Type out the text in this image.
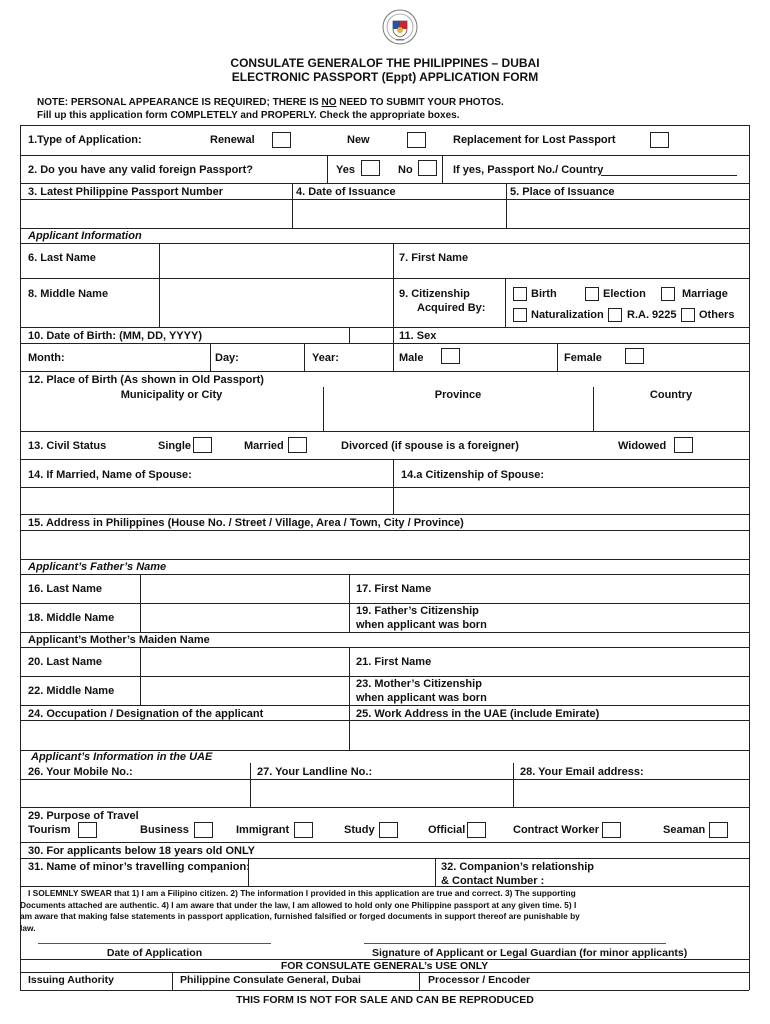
CONSULATE GENERALOF THE PHILIPPINES – DUBAI
ELECTRONIC PASSPORT (Eppt) APPLICATION FORM
NOTE: PERSONAL APPEARANCE IS REQUIRED; THERE IS NO NEED TO SUBMIT YOUR PHOTOS.
Fill up this application form COMPLETELY and PROPERLY. Check the appropriate boxes.
1.Type of Application:	Renewal	New	Replacement for Lost Passport
2. Do you have any valid foreign Passport?	Yes	No	If yes, Passport No./ Country
3. Latest Philippine Passport Number	4. Date of Issuance	5. Place of Issuance
Applicant Information
6. Last Name	7. First Name
8. Middle Name	9. Citizenship
Acquired By:
Birth	Election	Marriage
Naturalization R.A. 9225 Others
10. Date of Birth: (MM, DD, YYYY)	11. Sex
Month:	Day:	Year:	Male	Female
12. Place of Birth (As shown in Old Passport)
Municipality or City	Province	Country
13. Civil Status	Single	Married	Divorced (if spouse is a foreigner)	Widowed
14. If Married, Name of Spouse:	14.a Citizenship of Spouse:
15. Address in Philippines (House No. / Street / Village, Area / Town, City / Province)
Applicant’s Father’s Name
16. Last Name	17. First Name
18. Middle Name
19. Father’s Citizenship
when applicant was born
Applicant’s Mother’s Maiden Name
20. Last Name	21. First Name
22. Middle Name
23. Mother’s Citizenship
when applicant was born
24. Occupation / Designation of the applicant	25. Work Address in the UAE (include Emirate)
Applicant’s Information in the UAE
26. Your Mobile No.:	27. Your Landline No.:	28. Your Email address:
29. Purpose of Travel
Tourism	Business	Immigrant	Study	Official	Contract Worker	Seaman
30. For applicants below 18 years old ONLY
31. Name of minor’s travelling companion:	32. Companion’s relationship
& Contact Number :
I SOLEMNLY SWEAR that 1) I am a Filipino citizen. 2) The information I provided in this application are true and correct. 3) The supporting
Documents attached are authentic. 4) I am aware that under the law, I am allowed to hold only one Philippine passport at any given time. 5) I
am aware that making false statements in passport application, furnished falsified or forged documents in support thereof are punishable by
law.
Date of Application	Signature of Applicant or Legal Guardian (for minor applicants)
FOR CONSULATE GENERAL’s USE ONLY
Issuing Authority	Philippine Consulate General, Dubai	Processor / Encoder
THIS FORM IS NOT FOR SALE AND CAN BE REPRODUCED
